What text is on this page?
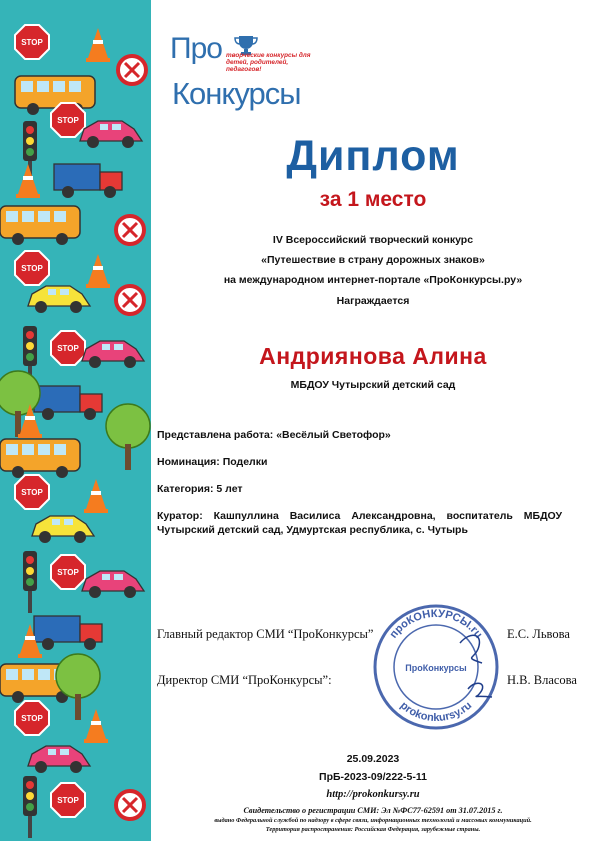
Про творческие конкурсы для детей, родителей, педагогов!
Конкурсы
Диплом
за 1 место
IV Всероссийский творческий конкурс
«Путешествие в страну дорожных знаков»
на международном интернет-портале «ПроКонкурсы.ру»
Награждается
Андриянова Алина
МБДОУ Чутырский детский сад
Представлена работа: «Весёлый Светофор»
Номинация: Поделки
Категория: 5 лет
Куратор: Кашпуллина Василиса Александровна, воспитатель МБДОУ Чутырский детский сад, Удмуртская республика, с. Чутырь
Главный редактор СМИ “ПроКонкурсы”
Директор СМИ “ПроКонкурсы”:
проКОНКУРСЫ.ru
prokonkursy.ru
ПроКонкурсы
Е.С. Львова
Н.В. Власова
25.09.2023
ПрБ-2023-09/222-5-11
http://prokonkursy.ru
Свидетельство о регистрации СМИ: Эл №ФС77-62591 от 31.07.2015 г.
выдано Федеральной службой по надзору в сфере связи, информационных технологий и массовых коммуникаций.
Территория распространения: Российская Федерация, зарубежные страны.
